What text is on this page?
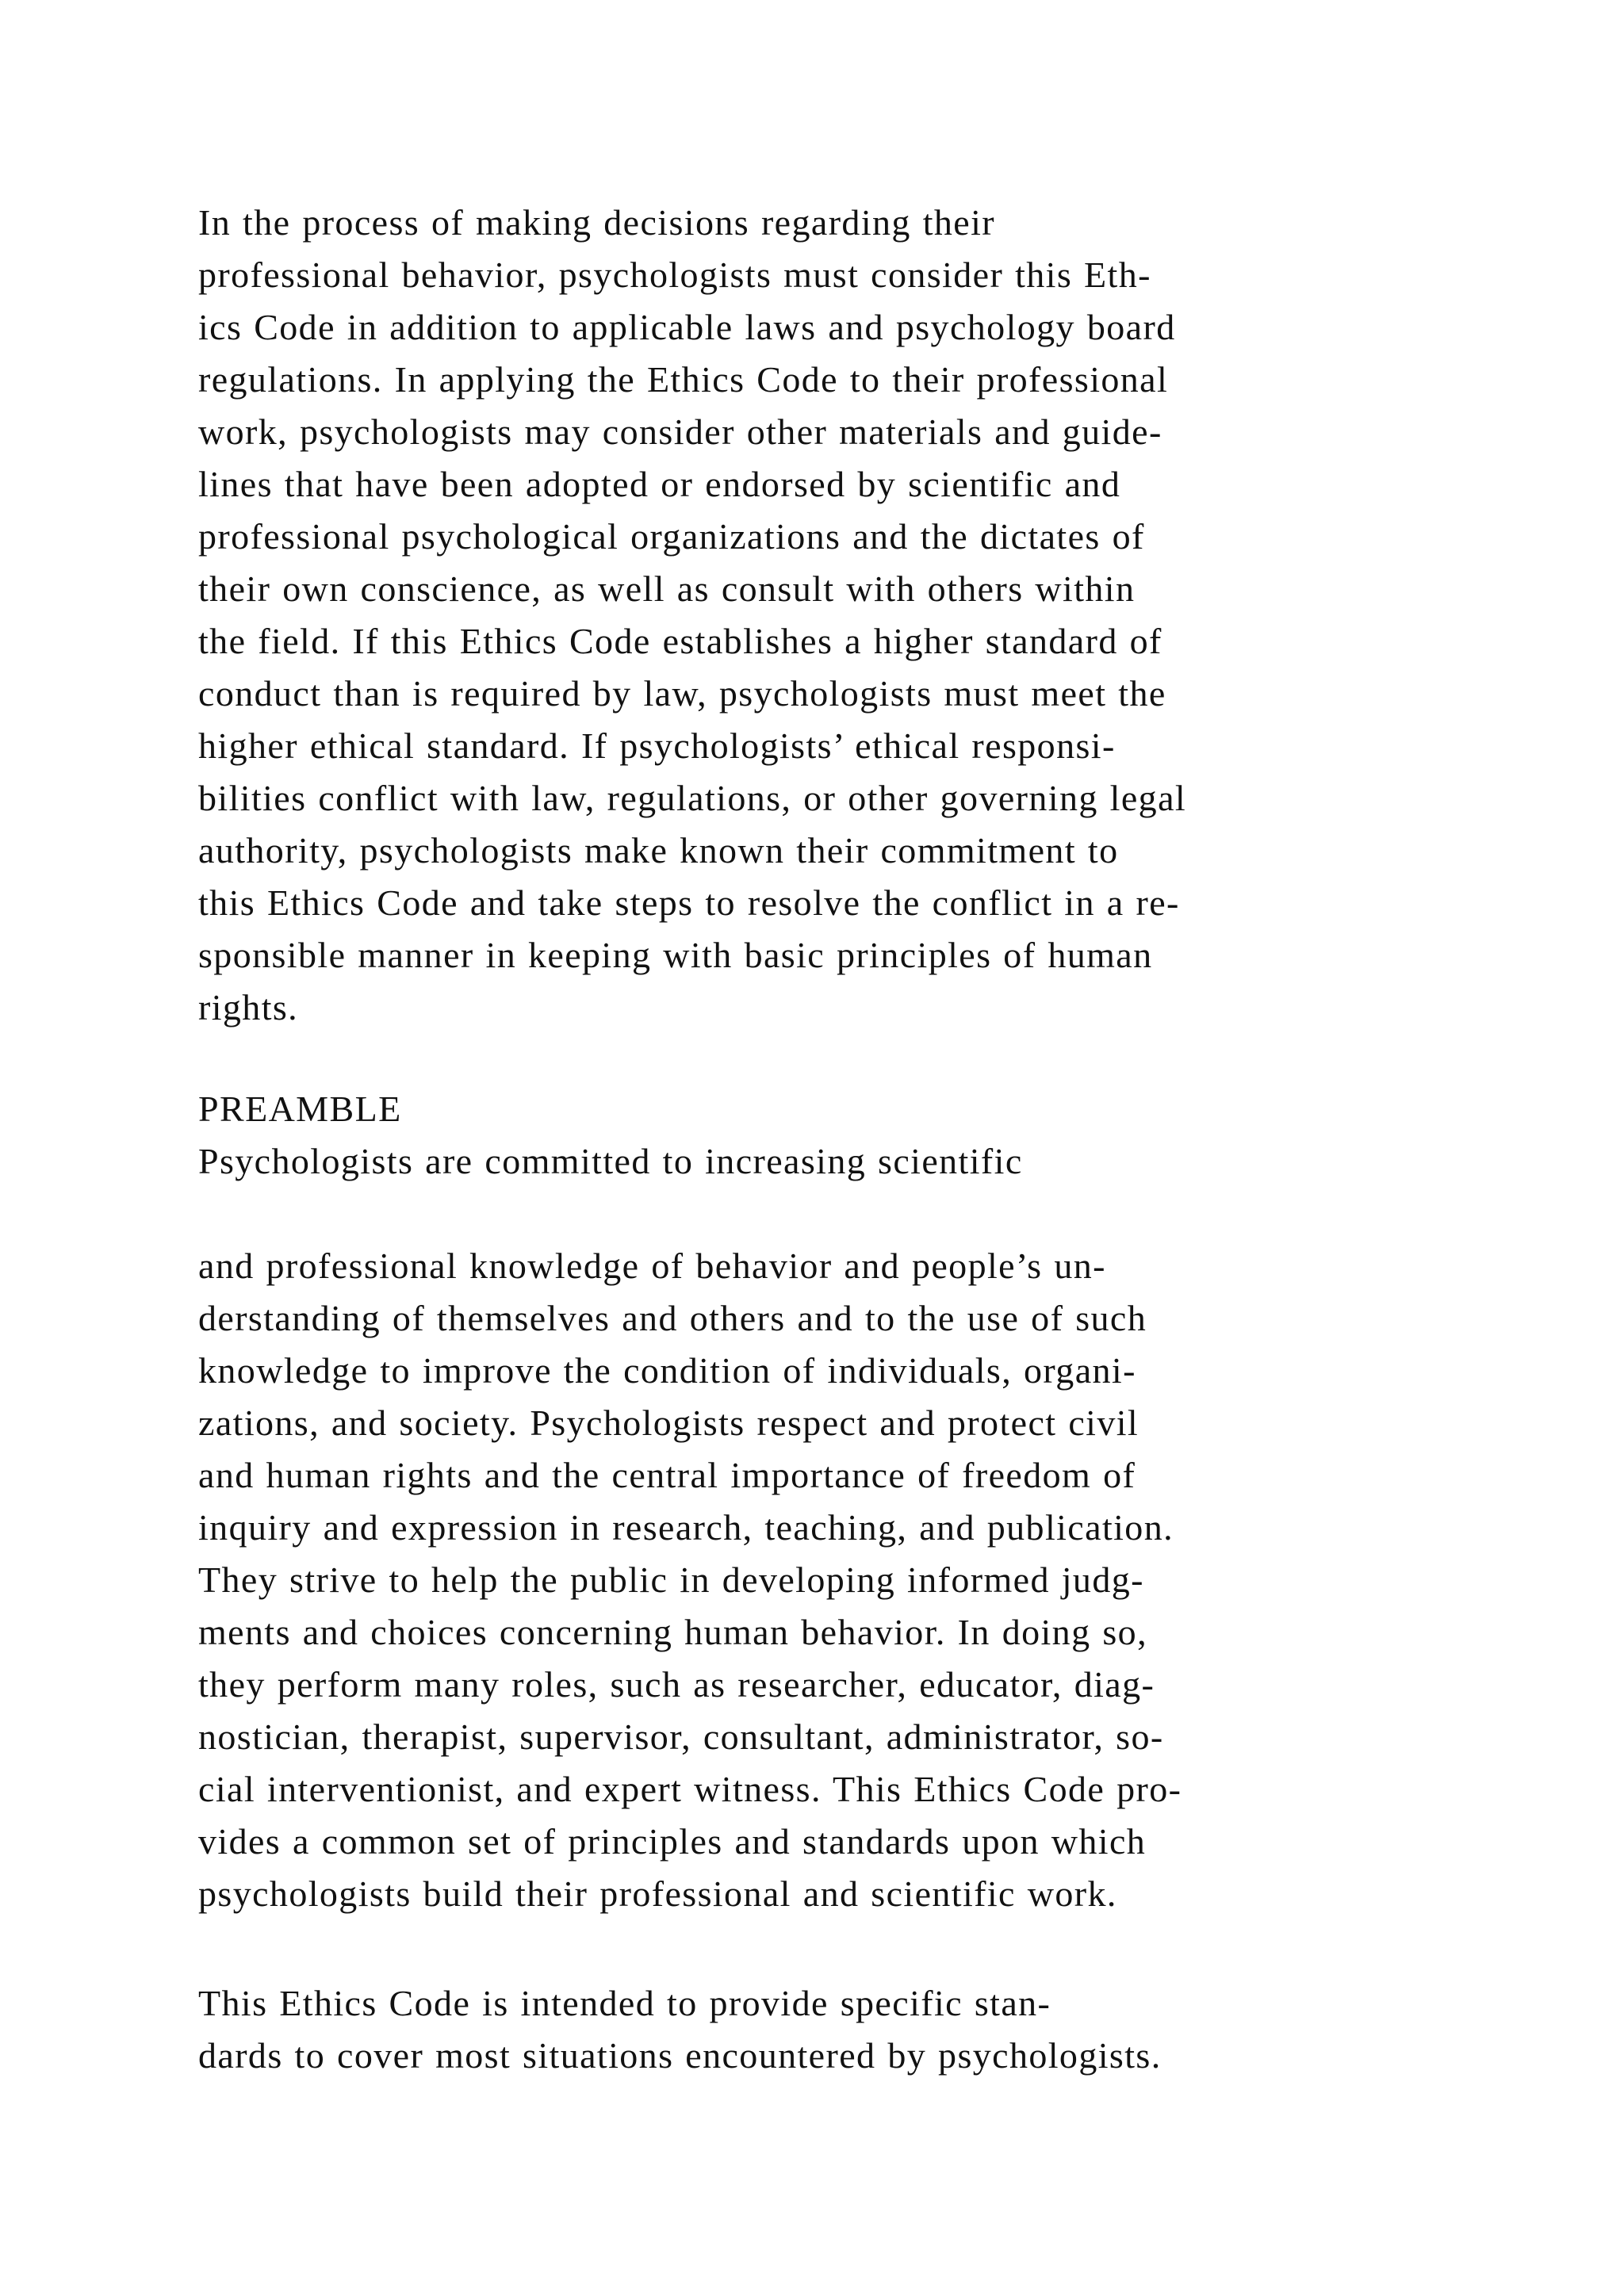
In the process of making decisions regarding their
professional behavior, psychologists must consider this Eth-
ics Code in addition to applicable laws and psychology board
regulations. In applying the Ethics Code to their professional
work, psychologists may consider other materials and guide-
lines that have been adopted or endorsed by scientific and
professional psychological organizations and the dictates of
their own conscience, as well as consult with others within
the field. If this Ethics Code establishes a higher standard of
conduct than is required by law, psychologists must meet the
higher ethical standard. If psychologists’ ethical responsi-
bilities conflict with law, regulations, or other governing legal
authority, psychologists make known their commitment to
this Ethics Code and take steps to resolve the conflict in a re-
sponsible manner in keeping with basic principles of human
rights.

PREAMBLE
Psychologists are committed to increasing scientific

and professional knowledge of behavior and people’s un-
derstanding of themselves and others and to the use of such
knowledge to improve the condition of individuals, organi-
zations, and society. Psychologists respect and protect civil
and human rights and the central importance of freedom of
inquiry and expression in research, teaching, and publication.
They strive to help the public in developing informed judg-
ments and choices concerning human behavior. In doing so,
they perform many roles, such as researcher, educator, diag-
nostician, therapist, supervisor, consultant, administrator, so-
cial interventionist, and expert witness. This Ethics Code pro-
vides a common set of principles and standards upon which
psychologists build their professional and scientific work.

This Ethics Code is intended to provide specific stan-
dards to cover most situations encountered by psychologists.
